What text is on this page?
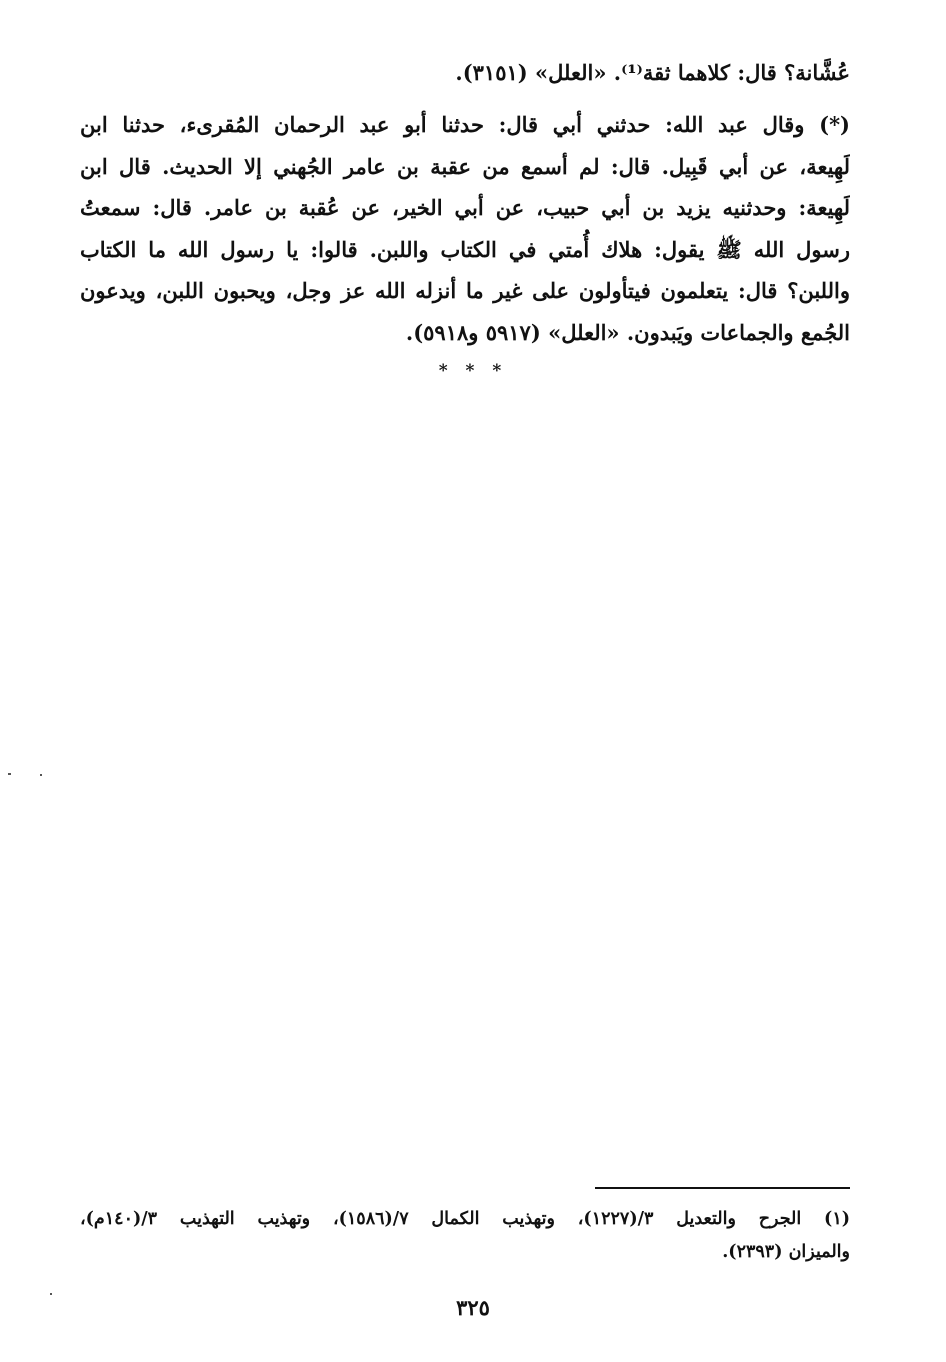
عُشَّانة؟ قال: كلاهما ثقة⁽¹⁾. «العلل» (٣١٥١).
(*) وقال عبد الله: حدثني أبي قال: حدثنا أبو عبد الرحمان المُقرىء، حدثنا ابن
لَهِيعة، عن أبي قَبِيل. قال: لم أسمع من عقبة بن عامر الجُهني إلا الحديث. قال ابن
لَهِيعة: وحدثنيه يزيد بن أبي حبيب، عن أبي الخير، عن عُقبة بن عامر. قال: سمعتُ
رسول الله ﷺ يقول: هلاك أُمتي في الكتاب واللبن. قالوا: يا رسول الله ما الكتاب
واللبن؟ قال: يتعلمون فيتأولون على غير ما أنزله الله عز وجل، ويحبون اللبن، ويدعون
الجُمع والجماعات ويَبدون. «العلل» (٥٩١٧ و٥٩١٨).
* * *
(١) الجرح والتعديل ٣/(١٢٢٧)، وتهذيب الكمال ٧/(١٥٨٦)، وتهذيب التهذيب ٣/(١٤٠م)،
والميزان (٢٣٩٣).
٣٢٥
